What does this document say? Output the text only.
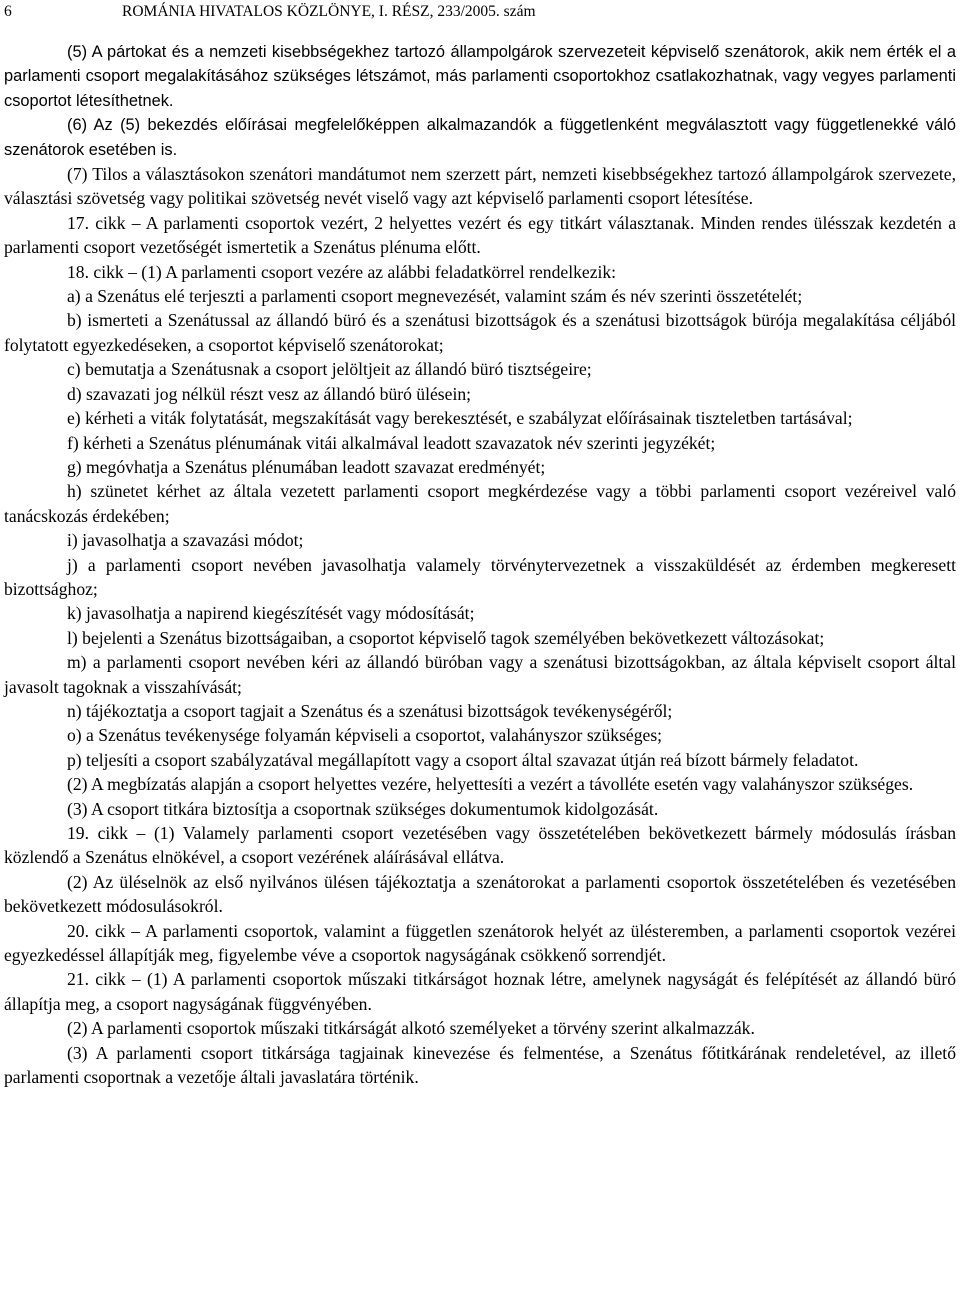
6	ROMÁNIA HIVATALOS KÖZLÖNYE, I. RÉSZ, 233/2005. szám

(5) A pártokat és a nemzeti kisebbségekhez tartozó állampolgárok szervezeteit képviselő szenátorok, akik nem érték el a parlamenti csoport megalakításához szükséges létszámot, más parlamenti csoportokhoz csatlakozhatnak, vagy vegyes parlamenti csoportot létesíthetnek.

(6) Az (5) bekezdés előírásai megfelelőképpen alkalmazandók a függetlenként megválasztott vagy függetlenekké váló szenátorok esetében is.

(7) Tilos a választásokon szenátori mandátumot nem szerzett párt, nemzeti kisebbségekhez tartozó állampolgárok szervezete, választási szövetség vagy politikai szövetség nevét viselő vagy azt képviselő parlamenti csoport létesítése.

17. cikk – A parlamenti csoportok vezért, 2 helyettes vezért és egy titkárt választanak. Minden rendes ülésszak kezdetén a parlamenti csoport vezetőségét ismertetik a Szenátus plénuma előtt.

18. cikk – (1) A parlamenti csoport vezére az alábbi feladatkörrel rendelkezik:

a) a Szenátus elé terjeszti a parlamenti csoport megnevezését, valamint szám és név szerinti összetételét;

b) ismerteti a Szenátussal az állandó büró és a szenátusi bizottságok és a szenátusi bizottságok bürója megalakítása céljából folytatott egyezkedéseken, a csoportot képviselő szenátorokat;

c) bemutatja a Szenátusnak a csoport jelöltjeit az állandó büró tisztségeire;

d) szavazati jog nélkül részt vesz az állandó büró ülésein;

e) kérheti a viták folytatását, megszakítását vagy berekesztését, e szabályzat előírásainak tiszteletben tartásával;

f) kérheti a Szenátus plénumának vitái alkalmával leadott szavazatok név szerinti jegyzékét;

g) megóvhatja a Szenátus plénumában leadott szavazat eredményét;

h) szünetet kérhet az általa vezetett parlamenti csoport megkérdezése vagy a többi parlamenti csoport vezéreivel való tanácskozás érdekében;

i) javasolhatja a szavazási módot;

j) a parlamenti csoport nevében javasolhatja valamely törvénytervezetnek a visszaküldését az érdemben megkeresett bizottsághoz;

k) javasolhatja a napirend kiegészítését vagy módosítását;

l) bejelenti a Szenátus bizottságaiban, a csoportot képviselő tagok személyében bekövetkezett változásokat;

m) a parlamenti csoport nevében kéri az állandó büróban vagy a szenátusi bizottságokban, az általa képviselt csoport által javasolt tagoknak a visszahívását;

n) tájékoztatja a csoport tagjait a Szenátus és a szenátusi bizottságok tevékenységéről;

o) a Szenátus tevékenysége folyamán képviseli a csoportot, valahányszor szükséges;

p) teljesíti a csoport szabályzatával megállapított vagy a csoport által szavazat útján reá bízott bármely feladatot.

(2) A megbízatás alapján a csoport helyettes vezére, helyettesíti a vezért a távolléte esetén vagy valahányszor szükséges.

(3) A csoport titkára biztosítja a csoportnak szükséges dokumentumok kidolgozását.

19. cikk – (1) Valamely parlamenti csoport vezetésében vagy összetételében bekövetkezett bármely módosulás írásban közlendő a Szenátus elnökével, a csoport vezérének aláírásával ellátva.

(2) Az üléselnök az első nyilvános ülésen tájékoztatja a szenátorokat a parlamenti csoportok összetételében és vezetésében bekövetkezett módosulásokról.

20. cikk – A parlamenti csoportok, valamint a független szenátorok helyét az ülésteremben, a parlamenti csoportok vezérei egyezkedéssel állapítják meg, figyelembe véve a csoportok nagyságának csökkenő sorrendjét.

21. cikk – (1) A parlamenti csoportok műszaki titkárságot hoznak létre, amelynek nagyságát és felépítését az állandó büró állapítja meg, a csoport nagyságának függvényében.

(2) A parlamenti csoportok műszaki titkárságát alkotó személyeket a törvény szerint alkalmazzák.

(3) A parlamenti csoport titkársága tagjainak kinevezése és felmentése, a Szenátus főtitkárának rendeletével, az illető parlamenti csoportnak a vezetője általi javaslatára történik.
